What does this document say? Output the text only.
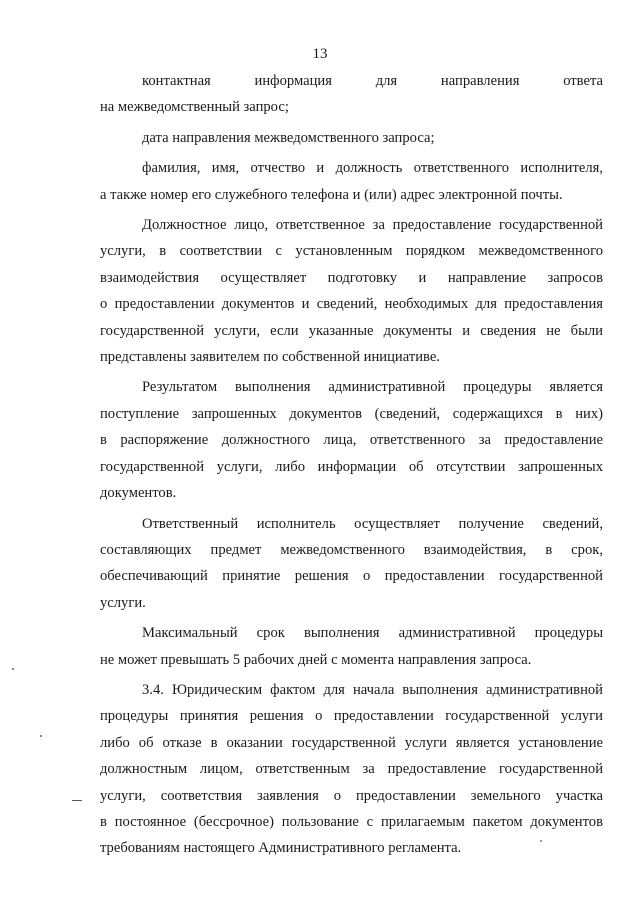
13
контактная информация для направления ответа
на межведомственный запрос;
дата направления межведомственного запроса;
фамилия, имя, отчество и должность ответственного исполнителя,
а также номер его служебного телефона и (или) адрес электронной почты.
Должностное лицо, ответственное за предоставление государственной
услуги, в соответствии с установленным порядком межведомственного
взаимодействия осуществляет подготовку и направление запросов
о предоставлении документов и сведений, необходимых для предоставления
государственной услуги, если указанные документы и сведения не были
представлены заявителем по собственной инициативе.
Результатом выполнения административной процедуры является
поступление запрошенных документов (сведений, содержащихся в них)
в распоряжение должностного лица, ответственного за предоставление
государственной услуги, либо информации об отсутствии запрошенных
документов.
Ответственный исполнитель осуществляет получение сведений,
составляющих предмет межведомственного взаимодействия, в срок,
обеспечивающий принятие решения о предоставлении государственной
услуги.
Максимальный срок выполнения административной процедуры
не может превышать 5 рабочих дней с момента направления запроса.
3.4. Юридическим фактом для начала выполнения административной
процедуры принятия решения о предоставлении государственной услуги
либо об отказе в оказании государственной услуги является установление
должностным лицом, ответственным за предоставление государственной
услуги, соответствия заявления о предоставлении земельного участка
в постоянное (бессрочное) пользование с прилагаемым пакетом документов
требованиям настоящего Административного регламента.
